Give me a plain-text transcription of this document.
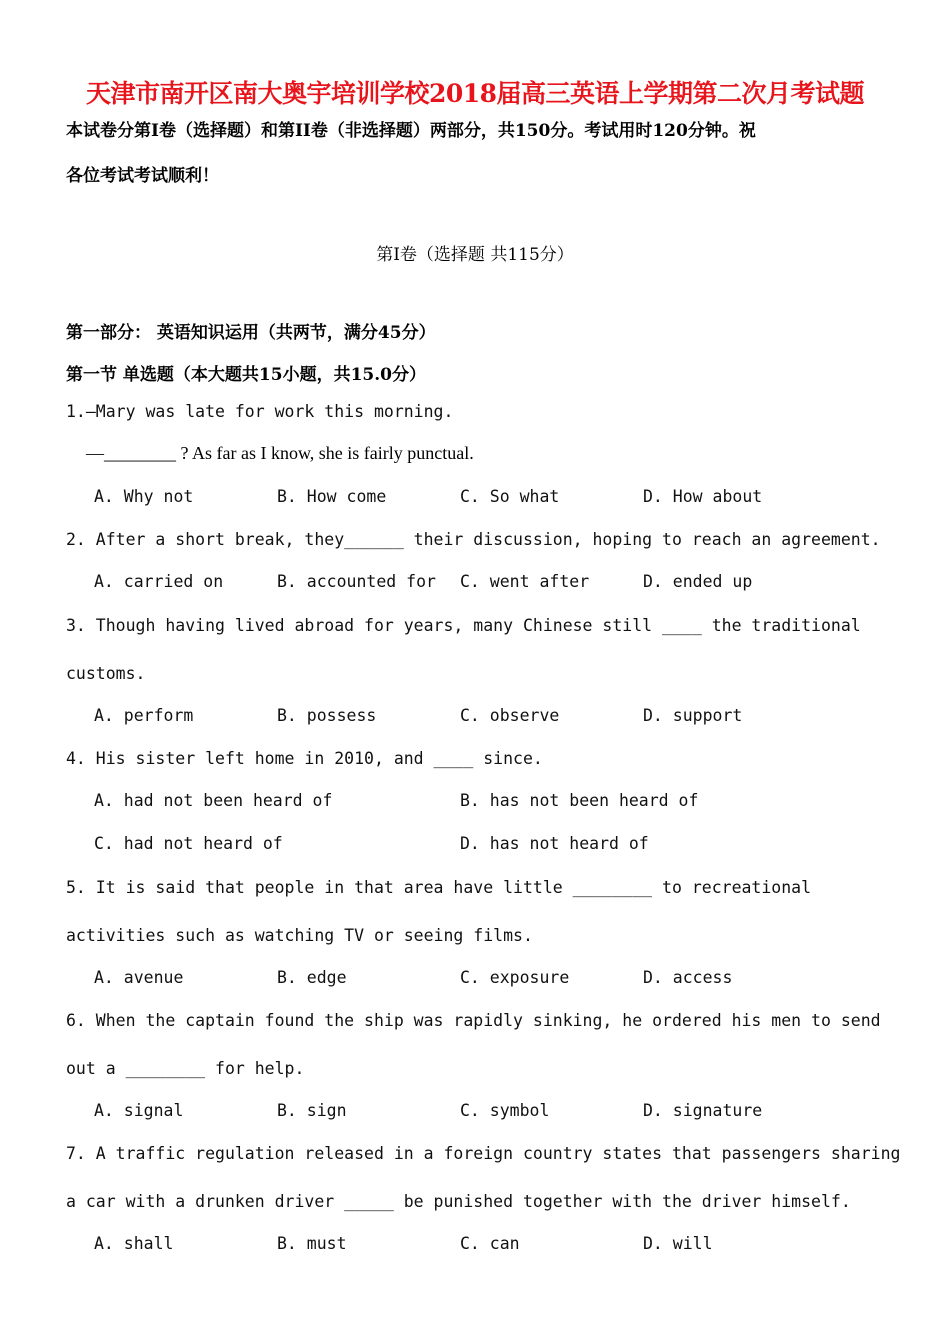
天津市南开区南大奥宇培训学校2018届高三英语上学期第二次月考试题
本试卷分第I卷（选择题）和第II卷（非选择题）两部分，共150分。考试用时120分钟。祝
各位考试考试顺利！
第I卷（选择题 共115分）
第一部分： 英语知识运用（共两节，满分45分）
第一节 单选题（本大题共15小题，共15.0分）
1.—Mary was late for work this morning.
—________ ? As far as I know, she is fairly punctual.
A. Why not	B. How come	C. So what	D. How about
2. After a short break, they______ their discussion, hoping to reach an agreement.
A. carried on	B. accounted for C. went after	D. ended up
3. Though having lived abroad for years, many Chinese still ____ the traditional
customs.
A. perform	B. possess	C. observe	D. support
4. His sister left home in 2010, and ____ since.
A. had not been heard of	B. has not been heard of
C. had not heard of	D. has not heard of
5. It is said that people in that area have little ________ to recreational
activities such as watching TV or seeing films.
A. avenue	B. edge	C. exposure	D. access
6. When the captain found the ship was rapidly sinking, he ordered his men to send
out a ________ for help.
A. signal	B. sign	C. symbol	D. signature
7. A traffic regulation released in a foreign country states that passengers sharing
a car with a drunken driver _____ be punished together with the driver himself.
A. shall	B. must	C. can	D. will
